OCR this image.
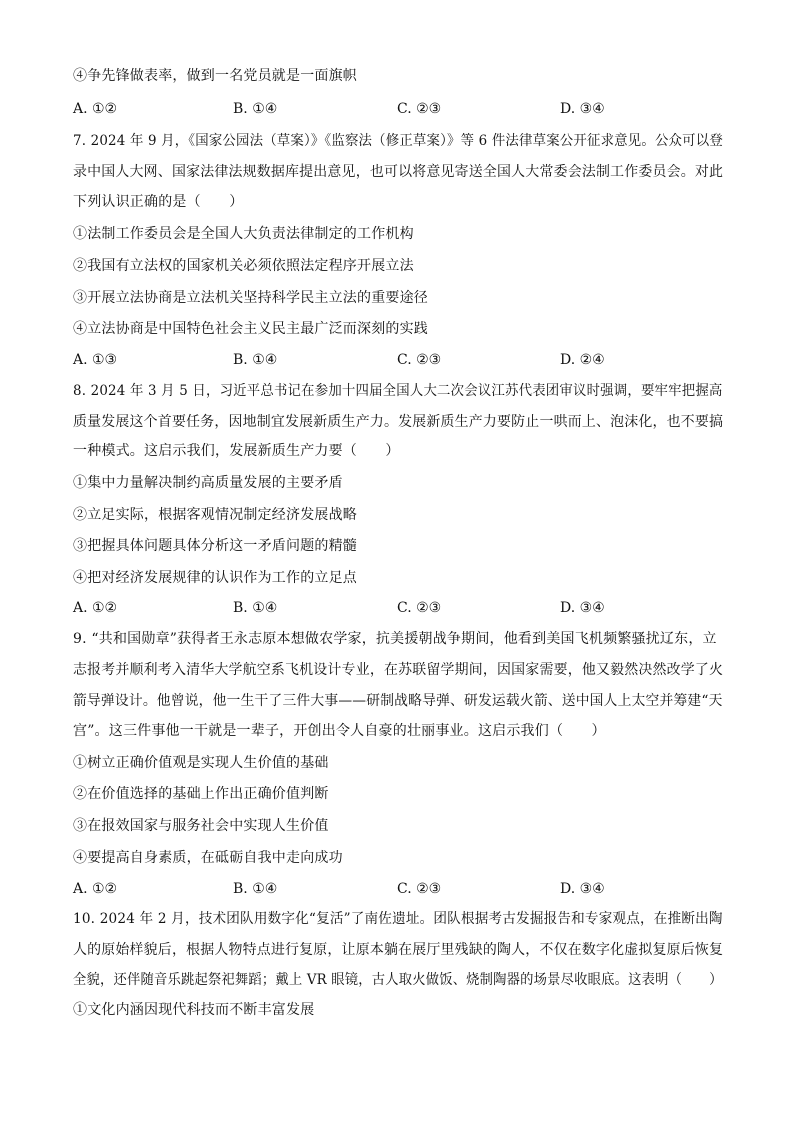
④争先锋做表率，做到一名党员就是一面旗帜
A. ①②	B. ①④	C. ②③	D. ③④
7. 2024 年 9 月，《国家公园法（草案）》《监察法（修正草案）》等 6 件法律草案公开征求意见。公众可以登
录中国人大网、国家法律法规数据库提出意见，也可以将意见寄送全国人大常委会法制工作委员会。对此
下列认识正确的是（　　）
①法制工作委员会是全国人大负责法律制定的工作机构
②我国有立法权的国家机关必须依照法定程序开展立法
③开展立法协商是立法机关坚持科学民主立法的重要途径
④立法协商是中国特色社会主义民主最广泛而深刻的实践
A. ①③	B. ①④	C. ②③	D. ②④
8. 2024 年 3 月 5 日，习近平总书记在参加十四届全国人大二次会议江苏代表团审议时强调，要牢牢把握高
质量发展这个首要任务，因地制宜发展新质生产力。发展新质生产力要防止一哄而上、泡沫化，也不要搞
一种模式。这启示我们，发展新质生产力要（　　）
①集中力量解决制约高质量发展的主要矛盾
②立足实际，根据客观情况制定经济发展战略
③把握具体问题具体分析这一矛盾问题的精髓
④把对经济发展规律的认识作为工作的立足点
A. ①②	B. ①④	C. ②③	D. ③④
9. “共和国勋章”获得者王永志原本想做农学家，抗美援朝战争期间，他看到美国飞机频繁骚扰辽东，立
志报考并顺利考入清华大学航空系飞机设计专业，在苏联留学期间，因国家需要，他又毅然决然改学了火
箭导弹设计。他曾说，他一生干了三件大事——研制战略导弹、研发运载火箭、送中国人上太空并筹建“天
宫”。这三件事他一干就是一辈子，开创出令人自豪的壮丽事业。这启示我们（　　）
①树立正确价值观是实现人生价值的基础
②在价值选择的基础上作出正确价值判断
③在报效国家与服务社会中实现人生价值
④要提高自身素质，在砥砺自我中走向成功
A. ①②	B. ①④	C. ②③	D. ③④
10. 2024 年 2 月，技术团队用数字化“复活”了南佐遗址。团队根据考古发掘报告和专家观点，在推断出陶
人的原始样貌后，根据人物特点进行复原，让原本躺在展厅里残缺的陶人，不仅在数字化虚拟复原后恢复
全貌，还伴随音乐跳起祭祀舞蹈；戴上 VR 眼镜，古人取火做饭、烧制陶器的场景尽收眼底。这表明（　　）
①文化内涵因现代科技而不断丰富发展
